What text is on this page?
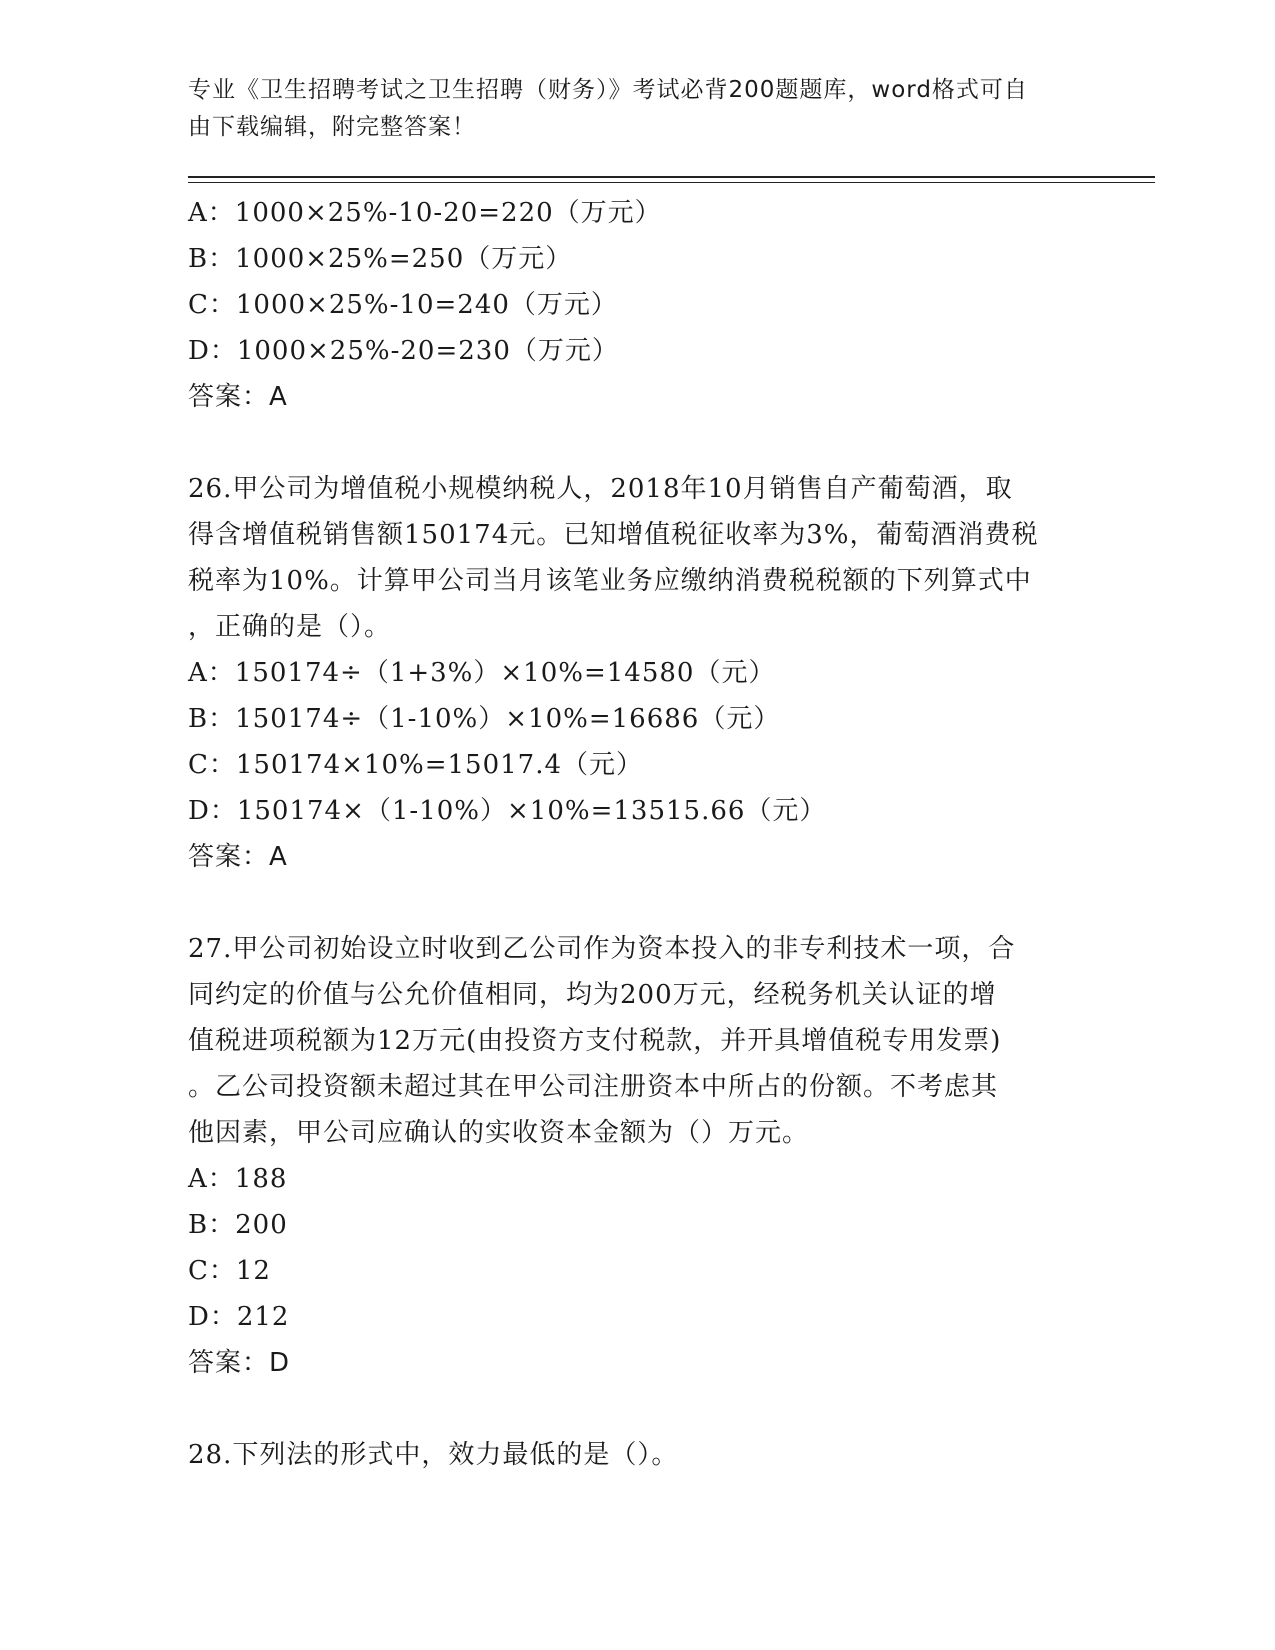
专业《卫生招聘考试之卫生招聘（财务）》考试必背200题题库，word格式可自
由下载编辑，附完整答案！
A：1000×25%-10-20=220（万元）
B：1000×25%=250（万元）
C：1000×25%-10=240（万元）
D：1000×25%-20=230（万元）
答案：A
26.甲公司为增值税小规模纳税人，2018年10月销售自产葡萄酒，取
得含增值税销售额150174元。已知增值税征收率为3%，葡萄酒消费税
税率为10%。计算甲公司当月该笔业务应缴纳消费税税额的下列算式中
，正确的是（）。
A：150174÷（1+3%）×10%=14580（元）
B：150174÷（1-10%）×10%=16686（元）
C：150174×10%=15017.4（元）
D：150174×（1-10%）×10%=13515.66（元）
答案：A
27.甲公司初始设立时收到乙公司作为资本投入的非专利技术一项，合
同约定的价值与公允价值相同，均为200万元，经税务机关认证的增
值税进项税额为12万元(由投资方支付税款，并开具增值税专用发票)
。乙公司投资额未超过其在甲公司注册资本中所占的份额。不考虑其
他因素，甲公司应确认的实收资本金额为（）万元。
A：188
B：200
C：12
D：212
答案：D
28.下列法的形式中，效力最低的是（）。
